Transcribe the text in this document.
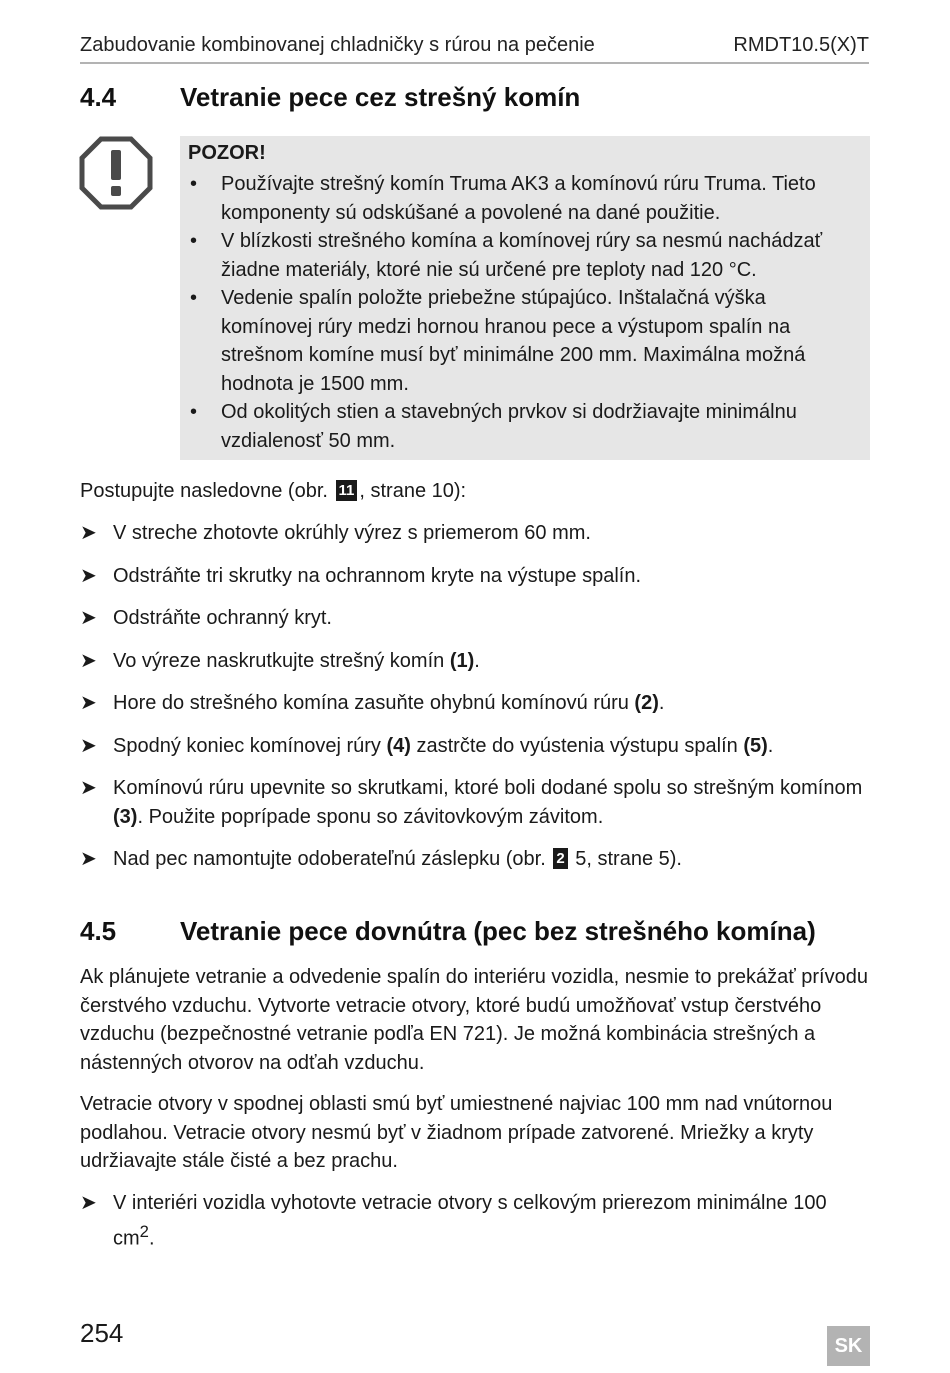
Zabudovanie kombinovanej chladničky s rúrou na pečenie	RMDT10.5(X)T
4.4 Vetranie pece cez strešný komín
POZOR!
• Používajte strešný komín Truma AK3 a komínovú rúru Truma. Tieto komponenty sú odskúšané a povolené na dané použitie.
• V blízkosti strešného komína a komínovej rúry sa nesmú nachádzať žiadne materiály, ktoré nie sú určené pre teploty nad 120 °C.
• Vedenie spalín položte priebežne stúpajúco. Inštalačná výška komínovej rúry medzi hornou hranou pece a výstupom spalín na strešnom komíne musí byť minimálne 200 mm. Maximálna možná hodnota je 1500 mm.
• Od okolitých stien a stavebných prvkov si dodržiavajte minimálnu vzdialenosť 50 mm.
Postupujte nasledovne (obr. 11 , strane 10):
➤ V streche zhotovte okrúhly výrez s priemerom 60 mm.
➤ Odstráňte tri skrutky na ochrannom kryte na výstupe spalín.
➤ Odstráňte ochranný kryt.
➤ Vo výreze naskrutkujte strešný komín (1).
➤ Hore do strešného komína zasuňte ohybnú komínovú rúru (2).
➤ Spodný koniec komínovej rúry (4) zastrčte do vyústenia výstupu spalín (5).
➤ Komínovú rúru upevnite so skrutkami, ktoré boli dodané spolu so strešným komínom (3). Použite poprípade sponu so závitovkovým závitom.
➤ Nad pec namontujte odoberateľnú záslepku (obr. 2 5, strane 5).
4.5 Vetranie pece dovnútra (pec bez strešného komína)
Ak plánujete vetranie a odvedenie spalín do interiéru vozidla, nesmie to prekážať prívodu čerstvého vzduchu. Vytvorte vetracie otvory, ktoré budú umožňovať vstup čerstvého vzduchu (bezpečnostné vetranie podľa EN 721). Je možná kombinácia strešných a nástenných otvorov na odťah vzduchu.
Vetracie otvory v spodnej oblasti smú byť umiestnené najviac 100 mm nad vnútornou podlahou. Vetracie otvory nesmú byť v žiadnom prípade zatvorené. Mriežky a kryty udržiavajte stále čisté a bez prachu.
➤ V interiéri vozidla vyhotovte vetracie otvory s celkovým prierezom minimálne 100 $cm^2$.
254	SK
